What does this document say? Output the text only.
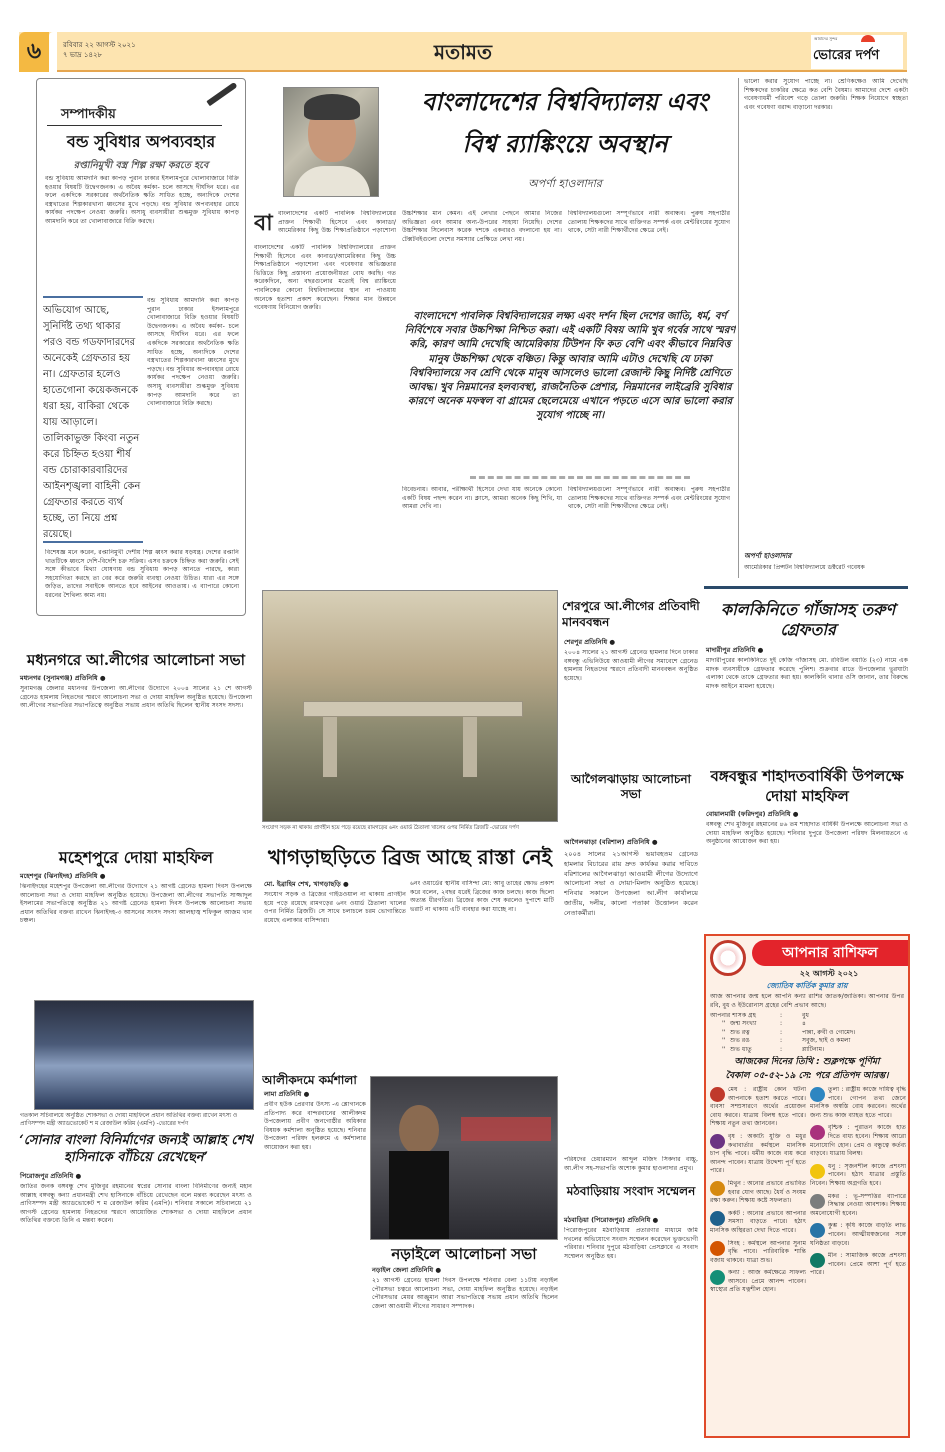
৬	রবিবার ২২ আগস্ট ২০২১
৭ ভাদ্র ১৪২৮	মতামত
আমাদের সুন্দর
ভোরের দর্পণ
সম্পাদকীয়
বন্ড সুবিধার অপব্যবহার
রপ্তানিমুখী বস্ত্র শিল্প রক্ষা করতে হবে
বন্ড সুবিধায় আমদানি করা কাপড় পুরান ঢাকার ইসলামপুরে খোলাবাজারে বিক্রি হওয়ার বিষয়টি উদ্বেগজনক। এ অবৈধ কর্মকা- চলে আসছে দীর্ঘদিন ধরে। এর ফলে একদিকে সরকারের অর্থনৈতিক ক্ষতি সাধিত হচ্ছে, অন্যদিকে দেশের বস্ত্রখাতের শিল্পকারখানা ধ্বংসের মুখে পড়ছে। বন্ড সুবিধার অপব্যবহার রোধে কার্যকর পদক্ষেপ নেওয়া জরুরি। অসাধু ব্যবসায়ীরা শুল্কমুক্ত সুবিধায় কাপড় আমদানি করে তা খোলাবাজারে বিক্রি করছে।
অভিযোগ আছে, সুনির্দিষ্ট তথ্য থাকার পরও বন্ড গডফাদারদের অনেকেই গ্রেফতার হয় না। গ্রেফতার হলেও হাতেগোনা কয়েকজনকে ধরা হয়, বাকিরা থেকে যায় আড়ালে। তালিকাভুক্ত কিংবা নতুন করে চিহ্নিত হওয়া শীর্ষ বন্ড চোরাকারবারিদের আইনশৃঙ্খলা বাহিনী কেন গ্রেফতার করতে ব্যর্থ হচ্ছে, তা নিয়ে প্রশ্ন রয়েছে।
বন্ড সুবিধায় আমদানি করা কাপড় পুরান ঢাকার ইসলামপুরে খোলাবাজারে বিক্রি হওয়ার বিষয়টি উদ্বেগজনক। এ অবৈধ কর্মকা- চলে আসছে দীর্ঘদিন ধরে। এর ফলে একদিকে সরকারের অর্থনৈতিক ক্ষতি সাধিত হচ্ছে, অন্যদিকে দেশের বস্ত্রখাতের শিল্পকারখানা ধ্বংসের মুখে পড়ছে। বন্ড সুবিধার অপব্যবহার রোধে কার্যকর পদক্ষেপ নেওয়া জরুরি। অসাধু ব্যবসায়ীরা শুল্কমুক্ত সুবিধায় কাপড় আমদানি করে তা খোলাবাজারে বিক্রি করছে।
বিশেষজ্ঞ মনে করেন, রপ্তানিমুখী দেশীয় শিল্প ধ্বংস করার ষড়যন্ত্র। দেশের রপ্তানি খাতটিকে ধ্বংসে দেশি-বিদেশি চক্র সক্রিয়। এসব চক্রকে চিহ্নিত করা জরুরি। সেই সঙ্গে কীভাবে মিথ্যা ঘোষণায় বন্ড সুবিধায় কাপড় আনতে পারছে, কারা সহযোগিতা করছে তা বের করে জরুরি ব্যবস্থা নেওয়া উচিত। যারা এর সঙ্গে জড়িত, তাদের সবাইকে আনতে হবে আইনের আওতায়। এ ব্যাপারে কোনো ধরনের শৈথিল্য কাম্য নয়।
বাংলাদেশের বিশ্ববিদ্যালয় এবং
বিশ্ব র‌্যাঙ্কিংয়ে অবস্থান
অপর্ণা হাওলাদার
বা বাংলাদেশের একটি পাবলিক বিশ্ববিদ্যালয়ের প্রাক্তন শিক্ষার্থী হিসেবে এবং কানাডা/আমেরিকার কিছু উচ্চ শিক্ষাপ্রতিষ্ঠানে পড়াশোনা
বাংলাদেশের একটি পাবলিক বিশ্ববিদ্যালয়ের প্রাক্তন শিক্ষার্থী হিসেবে এবং কানাডা/আমেরিকার কিছু উচ্চ শিক্ষাপ্রতিষ্ঠানে পড়াশোনা এবং গবেষণার অভিজ্ঞতার ভিত্তিতে কিছু প্রস্তাবনা প্রয়োজনীয়তা বোধ করছি। গত করেকদিনে, অন্য বছরগুলোর মতোই বিশ্ব র‌্যাঙ্কিংয়ে পাবলিকের কোনো বিশ্ববিদ্যালয়ের স্থান না পাওয়ায় অনেকে হতাশা প্রকাশ করেছেন। শিক্ষার মান উন্নয়নে গবেষণায় বিনিয়োগ জরুরি।
উচ্চশিক্ষার মান কেমন। এই লেখার পেছনে আমার নিজের অভিজ্ঞতা এবং আমার অন্য-উপরের সাহায্য নিয়েছি। দেশের উচ্চশিক্ষার সিলেবাস করেক দশকে একবারও বদলানো হয় না। টেক্সটবইগুলো দেশের সমস্যার প্রেক্ষিতে লেখা নয়।
বিশ্ববিদ্যালয়গুলো সম্পূর্ণভাবে নারী অবান্ধব। পুরুষ সহপাঠীর তোলায় শিক্ষকদের সাথে ব্যক্তিগত সম্পর্ক এবং মেন্টরিংয়ের সুযোগ থাকে, সেটা নারী শিক্ষার্থীদের ক্ষেত্রে নেই।
বাংলাদেশে পাবলিক বিশ্ববিদ্যালয়ের লক্ষ্য এবং দর্শন ছিল দেশের জাতি, ধর্ম, বর্ণ নির্বিশেষে সবার উচ্চশিক্ষা নিশ্চিত করা। এই একটি বিষয় আমি খুব গর্বের সাথে স্মরণ করি, কারণ আমি দেখেছি আমেরিকায় টিউশন ফি কত বেশি এবং কীভাবে নিম্নবিত্ত মানুষ উচ্চশিক্ষা থেকে বঞ্চিত। কিন্তু আবার আমি এটাও দেখেছি যে ঢাকা বিশ্ববিদ্যালয়ে সব শ্রেণি থেকে মানুষ আসলেও ভালো রেজাল্ট কিছু নির্দিষ্ট শ্রেণিতে আবদ্ধ। খুব নিম্নমানের হলব্যবস্থা, রাজনৈতিক প্রেশার, নিম্নমানের লাইব্রেরি সুবিধার কারণে অনেক মফস্বল বা গ্রামের ছেলেমেয়ে এখানে পড়তে এসে আর ভালো করার সুযোগ পাচ্ছে না।
বিবেচনায়। আবার, পরীক্ষার্থী হিসেবে দেখা যায় অনেকে কোনো একটি বিষয় পছন্দ করেন না। ক্লাসে, আমরা অনেক কিছু শিখি, যা আমরা দেখি না।
বিশ্ববিদ্যালয়গুলো সম্পূর্ণভাবে নারী অবান্ধব। পুরুষ সহপাঠীর তোলায় শিক্ষকদের সাথে ব্যক্তিগত সম্পর্ক এবং মেন্টরিংয়ের সুযোগ থাকে, সেটা নারী শিক্ষার্থীদের ক্ষেত্রে নেই।
ভালো করার সুযোগ পাচ্ছে না। শ্রেণিকক্ষেও আমি দেখেছি শিক্ষকদের চাকরির ক্ষেত্রে কত বেশি বৈষম্য। আমাদের দেশে একটা গবেষণাধর্মী পরিবেশ গড়ে তোলা জরুরি। শিক্ষক নিয়োগে স্বচ্ছতা এবং গবেষণা বরাদ্দ বাড়ানো দরকার।
অপর্ণা হাওলাদার
আমেরিকার প্রিন্সটন বিশ্ববিদ্যালয়ে ডক্টরেট গবেষক
মধ্যনগরে আ.লীগের আলোচনা সভা
মধ্যনগর (সুনামগঞ্জ) প্রতিনিধি ●
সুনামগঞ্জ জেলার মধ্যনগর উপজেলা আ.লীগের উদ্যোগে ২০০৪ সালের ২১ শে আগস্ট গ্রেনেড হামলায় নিহতদের স্মরণে আলোচনা সভা ও দোয়া মাহফিল অনুষ্ঠিত হয়েছে। উপজেলা আ.লীগের সভাপতির সভাপতিত্বে অনুষ্ঠিত সভায় প্রধান অতিথি ছিলেন স্থানীয় সংসদ সদস্য।
মহেশপুরে দোয়া মাহফিল
মহেশপুর (ঝিনাইদহ) প্রতিনিধি ●
ঝিনাইদহের মহেশপুর উপজেলা আ.লীগের উদ্যোগে ২১ আগষ্ট গ্রেনেড হামলা দিবস উপলক্ষে আলোচনা সভা ও দোয়া মাহফিল অনুষ্ঠিত হয়েছে। উপজেলা আ.লীগের সভাপতি সাজ্জাদুল ইসলামের সভাপতিত্বে অনুষ্ঠিত ২১ আগষ্ট গ্রেনেড হামলা দিবস উপলক্ষে আলোচনা সভায় প্রধান অতিথির বক্তব্য রাখেন ঝিনাইদহ-৩ আসনের সংসদ সদস্য আলহাজ্ব শফিকুল আজম খান চঞ্চল।
গতকাল সচিবালয়ে অনুষ্ঠিত শোকসভা ও দোয়া মাহফিলে প্রধান অতিথির বক্তব্য রাখেন মৎস্য ও প্রাণিসম্পদ মন্ত্রী অ্যাডভোকেট শ ম রেজাউল করিম (এমপি) -ভোরের দর্পণ
‘সোনার বাংলা বিনির্মাণের জন্যই আল্লাহ শেখ হাসিনাকে বাঁচিয়ে রেখেছেন’
পিরোজপুর প্রতিনিধি ●
জাতির জনক বঙ্গবন্ধু শেখ মুজিবুর রহমানের স্বপ্নের সোনার বাংলা বিনির্মাণের জন্যই মহান আল্লাহ বঙ্গবন্ধু কন্যা প্রধানমন্ত্রী শেখ হাসিনাকে বাঁচিয়ে রেখেছেন বলে মন্তব্য করেছেন মৎস্য ও প্রাণিসম্পদ মন্ত্রী অ্যাডভোকেট শ ম রেজাউল করিম (এমপি)। শনিবার সকালে সচিবালয়ে ২১ আগস্ট গ্রেনেড হামলায় নিহতদের স্মরণে আয়োজিত শোকসভা ও দোয়া মাহফিলে প্রধান অতিথির বক্তব্যে তিনি এ মন্তব্য করেন।
সংযোগ সড়ক না থাকায় প্রাণহীন হয়ে পড়ে রয়েছে রামগড়ের ৬নং ওয়ার্ড ঠৈতালা খালের ওপর নির্মিত ব্রিজটি -ভোরের দর্পণ
খাগড়াছড়িতে ব্রিজ আছে রাস্তা নেই
মো. ইব্রাহিম শেখ, খাগড়াছড়ি ●
সংযোগ সড়ক ও ব্রিজের গাইডওয়াল না থাকায় প্রাণহীন হয়ে পড়ে রয়েছে রামগড়ের ৬নং ওয়ার্ড ঠৈতালা খালের ওপর নির্মিত ব্রিজটি। সে সাথে চলাচলে চরম ভোগান্তিতে রয়েছে এলাকার বাসিন্দারা।
৬নং ওয়ার্ডের স্থানীয় বাসিন্দা মো: আবু তাহের ক্ষোভ প্রকাশ করে বলেন, ২বছর ধরেই ব্রিজের কাজ চলছে। কাজ ছিলো অত্যন্ত ধীরগতির। ব্রিজের কাজ শেষ করলেও দুপাশে মাটি ভরাট না থাকায় এটি ব্যবহার করা যাচ্ছে না।
শেরপুরে আ.লীগের প্রতিবাদী মানববন্ধন
শেরপুর প্রতিনিধি ●
২০০৪ সালের ২১ আগস্ট গ্রেনেড হামলার দিনে ঢাকার বঙ্গবন্ধু এভিনিউয়ে আওয়ামী লীগের সমাবেশে গ্রেনেড হামলায় নিহতদের স্মরণে প্রতিবাদী মানববন্ধন অনুষ্ঠিত হয়েছে।
আগৈলঝাড়ায় আলোচনা সভা
আগৈলঝাড়া (বরিশাল) প্রতিনিধি ●
২০০৪ সালের ২১আগস্ট ভয়াবহতম গ্রেনেড হামলার বিচারের রায় দ্রুত কার্যকর করার দাবিতে বরিশালের আগৈলঝাড়া আওয়ামী লীগের উদ্যোগে আলোচনা সভা ও দোয়া-মিলাদ অনুষ্ঠিত হয়েছে। শনিবার সকালে উপজেলা আ.লীগ কার্যালয়ে জাতীয়, দলীয়, কালো পতাকা উত্তোলন করেন নেতাকর্মীরা।
পরিষদের চেয়ারম্যান আব্দুল মজিদ সিকদার বাচ্চু, আ.লীগ সহ-সভাপতি অশোক কুমার হাওলাদার প্রমুখ।
মঠবাড়িয়ায় সংবাদ সম্মেলন
মঠবাড়িয়া (পিরোজপুর) প্রতিনিধি ●
পিরোজপুরের মঠবাড়িয়ায় প্রতারণার মাধ্যমে জমি দখলের অভিযোগে সংবাদ সম্মেলন করেছেন ভুক্তভোগী পরিবার। শনিবার দুপুরে মঠবাড়িয়া প্রেসক্লাবে এ সংবাদ সম্মেলন অনুষ্ঠিত হয়।
আলীকদমে কর্মশালা
লামা প্রতিনিধি ●
প্রবীণ হউক প্রেরণার উৎস্য -এ শ্লোগানকে প্রতিপাদ্য করে বান্দরবানের আলীকদম উপজেলায় প্রবীণ জনগোষ্ঠীর অধিকার বিষয়ক কর্মশালা অনুষ্ঠিত হয়েছে। শনিবার উপজেলা পরিষদ হলরুমে এ কর্মশালার আয়োজন করা হয়।
নড়াইলে আলোচনা সভা
নড়াইল জেলা প্রতিনিধি ●
২১ আগস্ট গ্রেনেড হামলা দিবস উপলক্ষে শনিবার বেলা ১১টায় নড়াইল পৌরসভা চত্বরে আলোচনা সভা, দোয়া মাহফিল অনুষ্ঠিত হয়েছে। নড়াইল পৌরসভার মেয়র আঞ্জুমান আরা সভাপতিত্বে সভায় প্রধান অতিথি ছিলেন জেলা আওয়ামী লীগের সাধারণ সম্পাদক।
কালকিনিতে গাঁজাসহ তরুণ গ্রেফতার
মাদারীপুর প্রতিনিধি ●
মাদারীপুরের কালকিনিতে দুই কেজি গাঁজাসহ মো. রবিউল বয়াতি (২৩) নামে এক মাদক ব্যবসায়ীকে গ্রেফতার করেছে পুলিশ। শুক্রবার রাতে উপজেলার ভুরঘাটা এলাকা থেকে তাকে গ্রেফতার করা হয়। কালকিনি থানার ওসি জানান, তার বিরুদ্ধে মাদক আইনে মামলা হয়েছে।
বঙ্গবন্ধুর শাহাদতবার্ষিকী উপলক্ষে দোয়া মাহফিল
বোয়ালমারী (ফরিদপুর) প্রতিনিধি ●
বঙ্গবন্ধু শেখ মুজিবুর রহমানের ৪৬ তম শাহাদাত বার্ষিকী উপলক্ষে আলোচনা সভা ও দোয়া মাহফিল অনুষ্ঠিত হয়েছে। শনিবার দুপুরে উপজেলা পরিষদ মিলনায়তনে এ অনুষ্ঠানের আয়োজন করা হয়।
আপনার রাশিফল
২২ আগস্ট ২০২১
জ্যোতিষ কার্তিক কুমার রায়
আজ আপনার জন্ম হলে আপনি কন্যা রাশির জাতক/জাতিকা। আপনার উপর রবি, বুধ ও ইউরোনাস গ্রহের বেশি প্রভাব আছে।
আপনার শাসক গ্রহ	:	বুধ
'' জন্ম সংখ্যা	:	৪
'' শুভ রত্ন	:	পান্না, রুবী ও গোমেদ।
'' শুভ রঙ	:	সবুজ, ছাই ও কমলা
'' শুভ ধাতু	:	প্লাটিনাম।
আজকের দিনের তিথি : শুক্লপক্ষে পূর্ণিমা
বৈকাল ০৫-৫২-১৯ সে: পরে প্রতিপদ আরম্ভ।
মেষ : রাষ্ট্রীয় কোন ঘটনা আপনাকে হতাশ করতে পারে। ব্যবসা সম্প্রসারণে অর্থের প্রয়োজন বোধ করবে। যাত্রায় বিলম্ব হতে পারে। শিক্ষায় নতুন তথ্য জানবেন।
বৃষ : অকাট্য যুক্তি ও মধুর কথাবার্তার কর্মস্থলে মানসিক চাপ বৃদ্ধি পাবে। ধর্মীয় কাজে ব্যয় করে আনন্দ পাবেন। যাত্রায় উদ্দেশ্য পূর্ণ হতে পারে।
মিথুন : অন্যের প্রভাবে প্রভাবিত হবার যোগ আছে। ধৈর্য ও সংযম রক্ষা করুন। শিক্ষায় কষ্টে সফলতা।
কর্কট : অন্যের প্রভাবে আপনার সমস্যা বাড়তে পারে। হঠাৎ মানসিক অস্থিরতা দেখা দিতে পারে।
সিংহ : কর্মস্থলে আপনার সুনাম বৃদ্ধি পাবে। পারিবারিক শান্তি বজায় থাকবে। যাত্রা শুভ।
কন্যা : আজ কর্মক্ষেত্রে সাফল্য আসবে। প্রেমে আনন্দ পাবেন। স্বাস্থ্যের প্রতি যত্নশীল হোন।
তুলা : রাষ্ট্রীয় কাজে দায়িত্ব বৃদ্ধি পাবে। গোপন তথ্য জেনে মানসিক অস্বস্তি বোধ করবেন। অর্থের জন্য শুভ কাজ ব্যাহত হতে পারে।
বৃশ্চিক : পুরাতন কাজে হাত দিতে বাধ্য হবেন। শিক্ষায় আরো মনোযোগি হোন। প্রেম ও বন্ধুত্বে কর্তব্য বাড়বে। যাত্রায় বিলম্ব।
ধনু : সৃজনশীল কাজে প্রশংসা পাবেন। হঠাৎ যাত্রার প্রস্তুতি নিবেন। শিক্ষায় অগ্রগতি হবে।
মকর : ভূ-সম্পত্তির ব্যাপারে সিদ্ধান্ত নেওয়া আবশ্যক। শিক্ষায় অমনোযোগী হবেন।
কুম্ভ : কৃষি কাজে বাড়তি লাভ পাবেন। আত্মীয়স্বজনের সঙ্গে ঘনিষ্ঠতা বাড়বে।
মীন : সামাজিক কাজে প্রশংসা পাবেন। প্রেমে আশা পূর্ণ হতে পারে।
